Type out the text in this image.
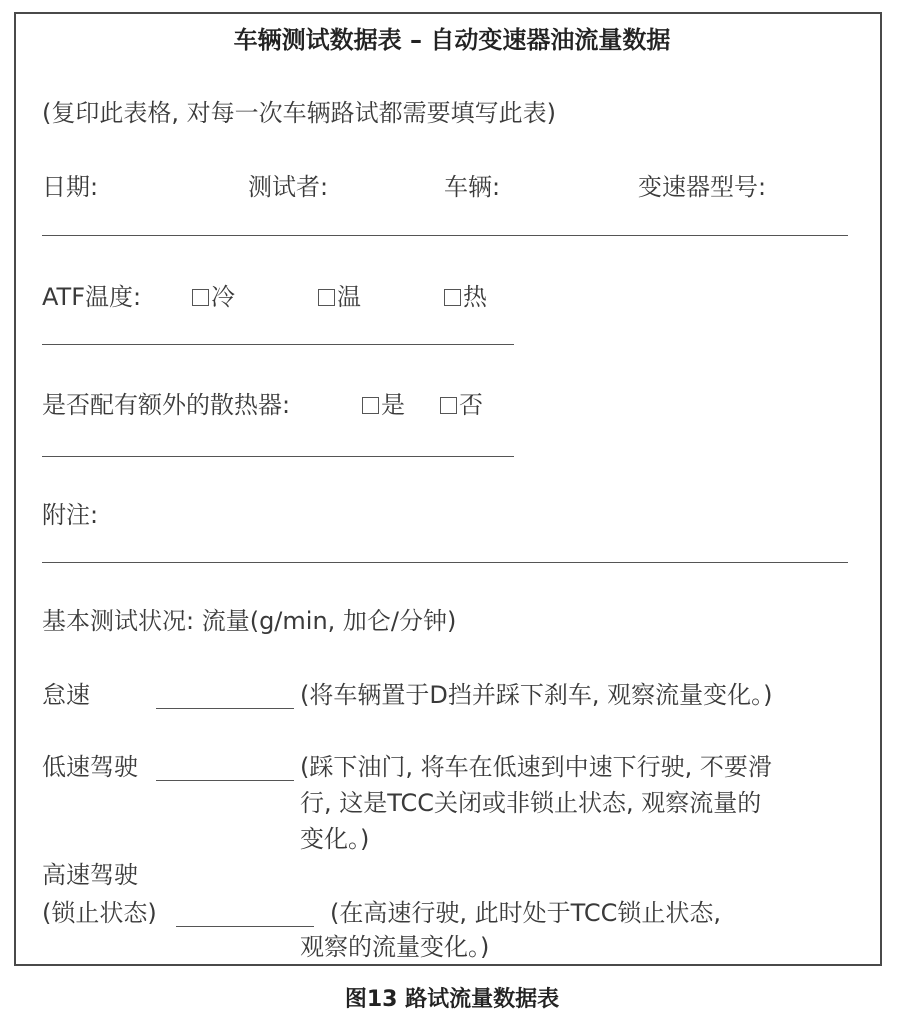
车辆测试数据表 – 自动变速器油流量数据
(复印此表格, 对每一次车辆路试都需要填写此表)
日期:	测试者:	车辆:	变速器型号:
ATF温度:	冷	温	热
是否配有额外的散热器:	是	否
附注:
基本测试状况: 流量(g/min, 加仑/分钟)
怠速	(将车辆置于D挡并踩下刹车, 观察流量变化。)
低速驾驶	(踩下油门, 将车在低速到中速下行驶, 不要滑
行, 这是TCC关闭或非锁止状态, 观察流量的
变化。)
高速驾驶
(锁止状态)	(在高速行驶, 此时处于TCC锁止状态,
观察的流量变化。)
图13 路试流量数据表
